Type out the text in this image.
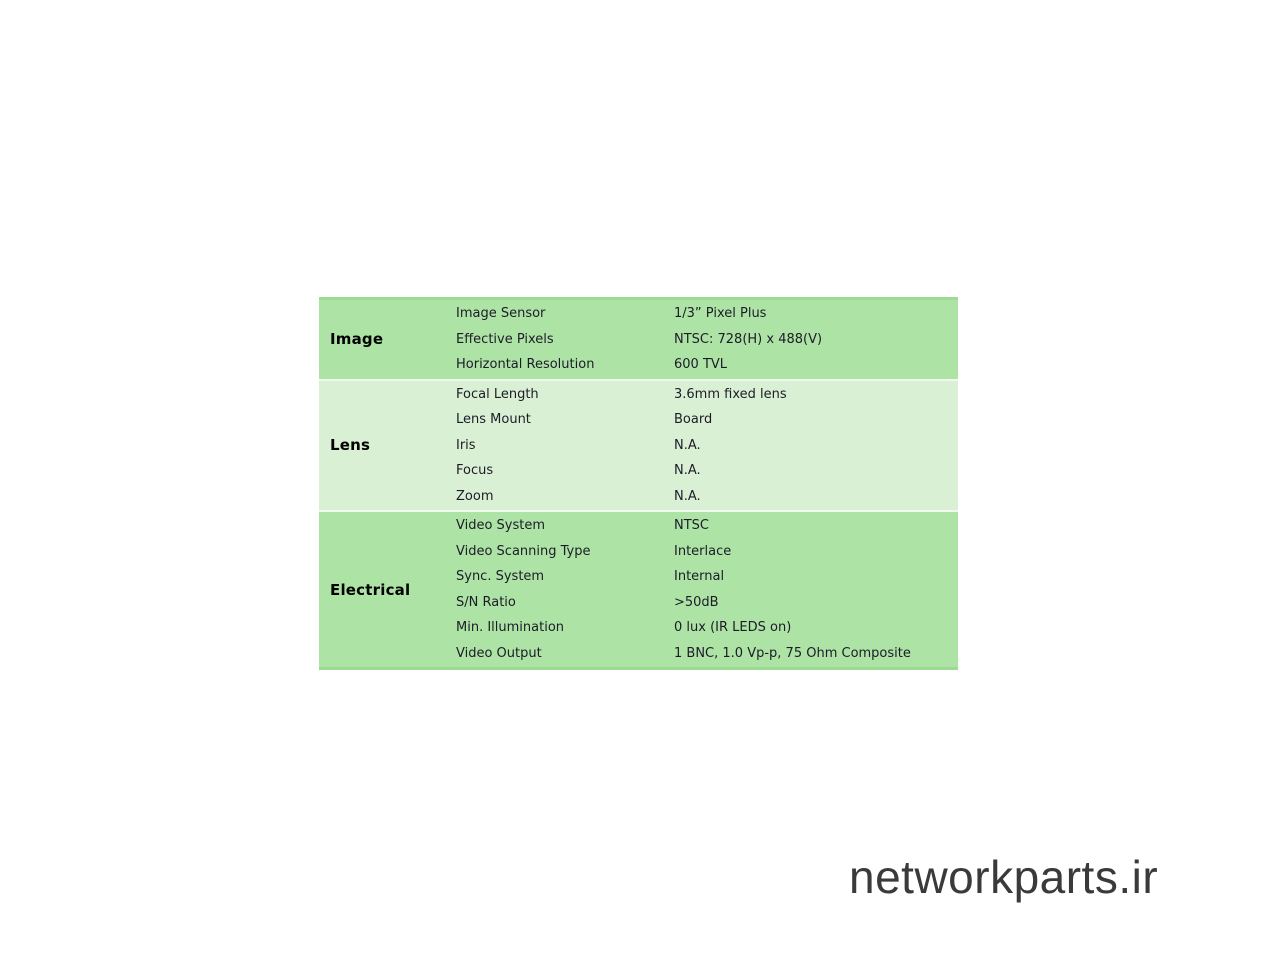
Image
Image Sensor	1/3” Pixel Plus
Effective Pixels	NTSC: 728(H) x 488(V)
Horizontal Resolution	600 TVL
Lens
Focal Length	3.6mm fixed lens
Lens Mount	Board
Iris	N.A.
Focus	N.A.
Zoom	N.A.
Electrical
Video System	NTSC
Video Scanning Type	Interlace
Sync. System	Internal
S/N Ratio	>50dB
Min. Illumination	0 lux (IR LEDS on)
Video Output	1 BNC, 1.0 Vp-p, 75 Ohm Composite
networkparts.ir
